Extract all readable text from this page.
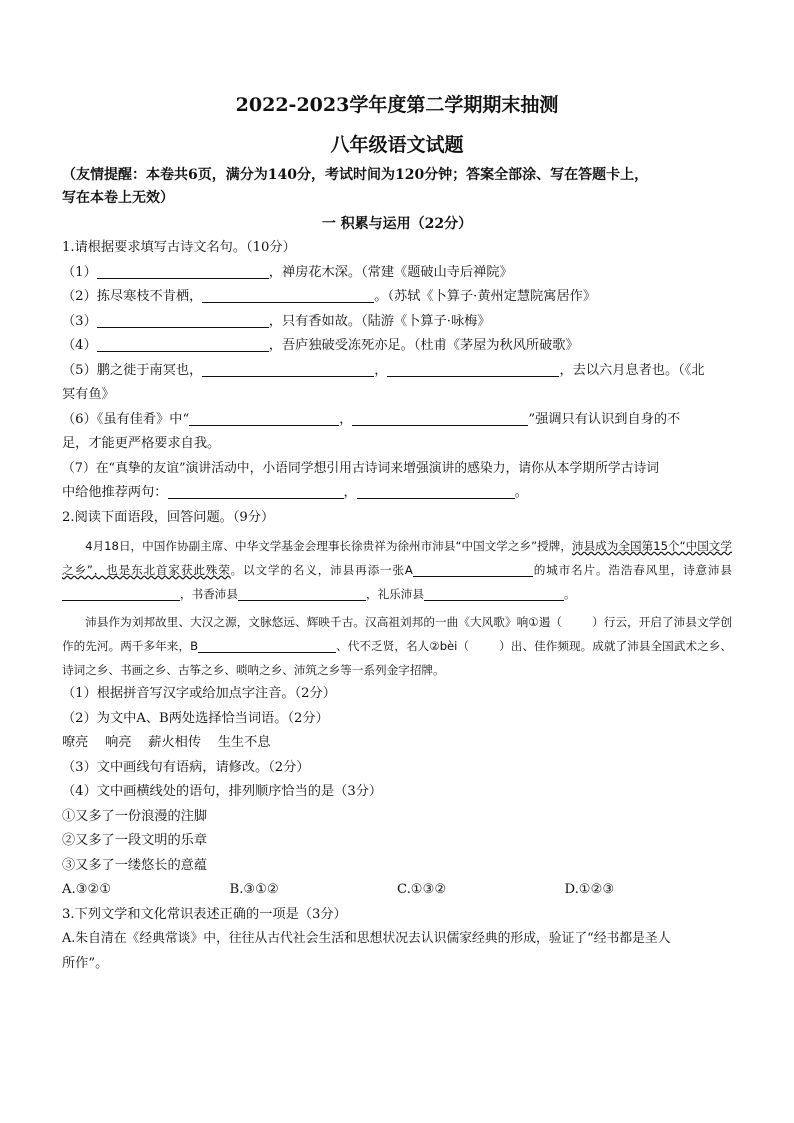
2022-2023学年度第二学期期末抽测
八年级语文试题

（友情提醒：本卷共6页，满分为140分，考试时间为120分钟；答案全部涂、写在答题卡上，

写在本卷上无效）

一 积累与运用（22分）

1.请根据要求填写古诗文名句。（10分）

（1）	，禅房花木深。（常建《题破山寺后禅院》

（2）拣尽寒枝不肯栖，	。（苏轼《卜算子·黄州定慧院寓居作》

（3）	，只有香如故。（陆游《卜算子·咏梅》

（4）	，吾庐独破受冻死亦足。（杜甫《茅屋为秋风所破歌》

（5）鹏之徙于南冥也，	，	，去以六月息者也。（《北

冥有鱼》

（6）《虽有佳肴》中“	，	”强调只有认识到自身的不

足，才能更严格要求自我。

（7）在“真挚的友谊”演讲活动中，小语同学想引用古诗词来增强演讲的感染力，请你从本学期所学古诗词

中给他推荐两句：	，	。

2.阅读下面语段，回答问题。（9分）

4月18日，中国作协副主席、中华文学基金会理事长徐贵祥为徐州市沛县“中国文学之乡”授牌，沛县成为全国第15个“中国文学之乡”，也是东北首家获此殊荣。以文学的名义，沛县再添一张A	的城市名片。浩浩春风里，诗意沛县，书香沛县	，礼乐沛县	。

沛县作为刘邦故里、大汉之源，文脉悠远、辉映千古。汉高祖刘邦的一曲《大风歌》响①遏（	）行云，开启了沛县文学创作的先河。两千多年来，B	、代不乏贤，名人②bèi（	）出、佳作频现。成就了沛县全国武术之乡、诗词之乡、书画之乡、古筝之乡、唢呐之乡、沛筑之乡等一系列金字招牌。

（1）根据拼音写汉字或给加点字注音。（2分）

（2）为文中A、B两处选择恰当词语。（2分）

嘹亮    响亮    薪火相传    生生不息

（3）文中画线句有语病，请修改。（2分）

（4）文中画横线处的语句，排列顺序恰当的是（3分）

①又多了一份浪漫的注脚

②又多了一段文明的乐章

③又多了一缕悠长的意蕴

A.③②①	B.③①②	C.①③②	D.①②③

3.下列文学和文化常识表述正确的一项是（3分）

A.朱自清在《经典常谈》中，往往从古代社会生活和思想状况去认识儒家经典的形成，验证了“经书都是圣人

所作”。
